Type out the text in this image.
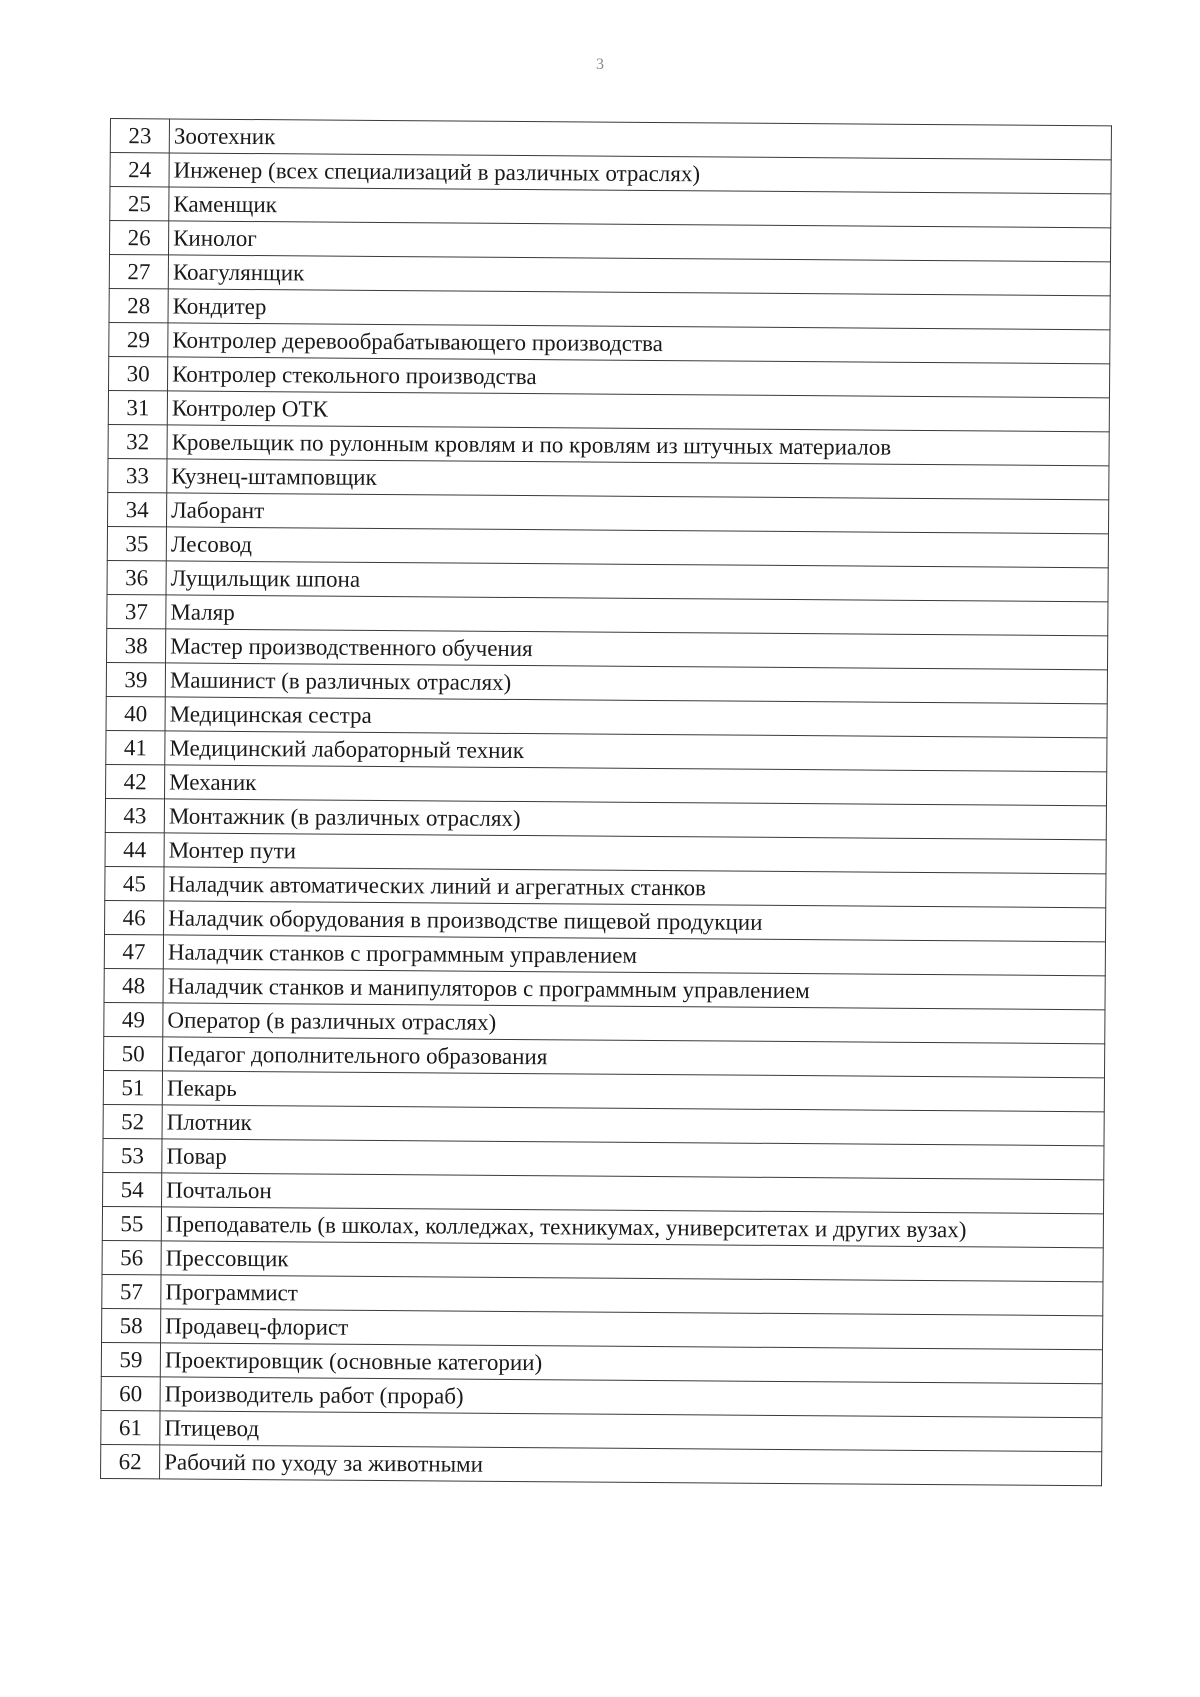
3
23	Зоотехник
24	Инженер (всех специализаций в различных отраслях)
25	Каменщик
26	Кинолог
27	Коагулянщик
28	Кондитер
29	Контролер деревообрабатывающего производства
30	Контролер стекольного производства
31	Контролер ОТК
32	Кровельщик по рулонным кровлям и по кровлям из штучных материалов
33	Кузнец-штамповщик
34	Лаборант
35	Лесовод
36	Лущильщик шпона
37	Маляр
38	Мастер производственного обучения
39	Машинист (в различных отраслях)
40	Медицинская сестра
41	Медицинский лабораторный техник
42	Механик
43	Монтажник (в различных отраслях)
44	Монтер пути
45	Наладчик автоматических линий и агрегатных станков
46	Наладчик оборудования в производстве пищевой продукции
47	Наладчик станков с программным управлением
48	Наладчик станков и манипуляторов с программным управлением
49	Оператор (в различных отраслях)
50	Педагог дополнительного образования
51	Пекарь
52	Плотник
53	Повар
54	Почтальон
55	Преподаватель (в школах, колледжах, техникумах, университетах и других вузах)
56	Прессовщик
57	Программист
58	Продавец-флорист
59	Проектировщик (основные категории)
60	Производитель работ (прораб)
61	Птицевод
62	Рабочий по уходу за животными
